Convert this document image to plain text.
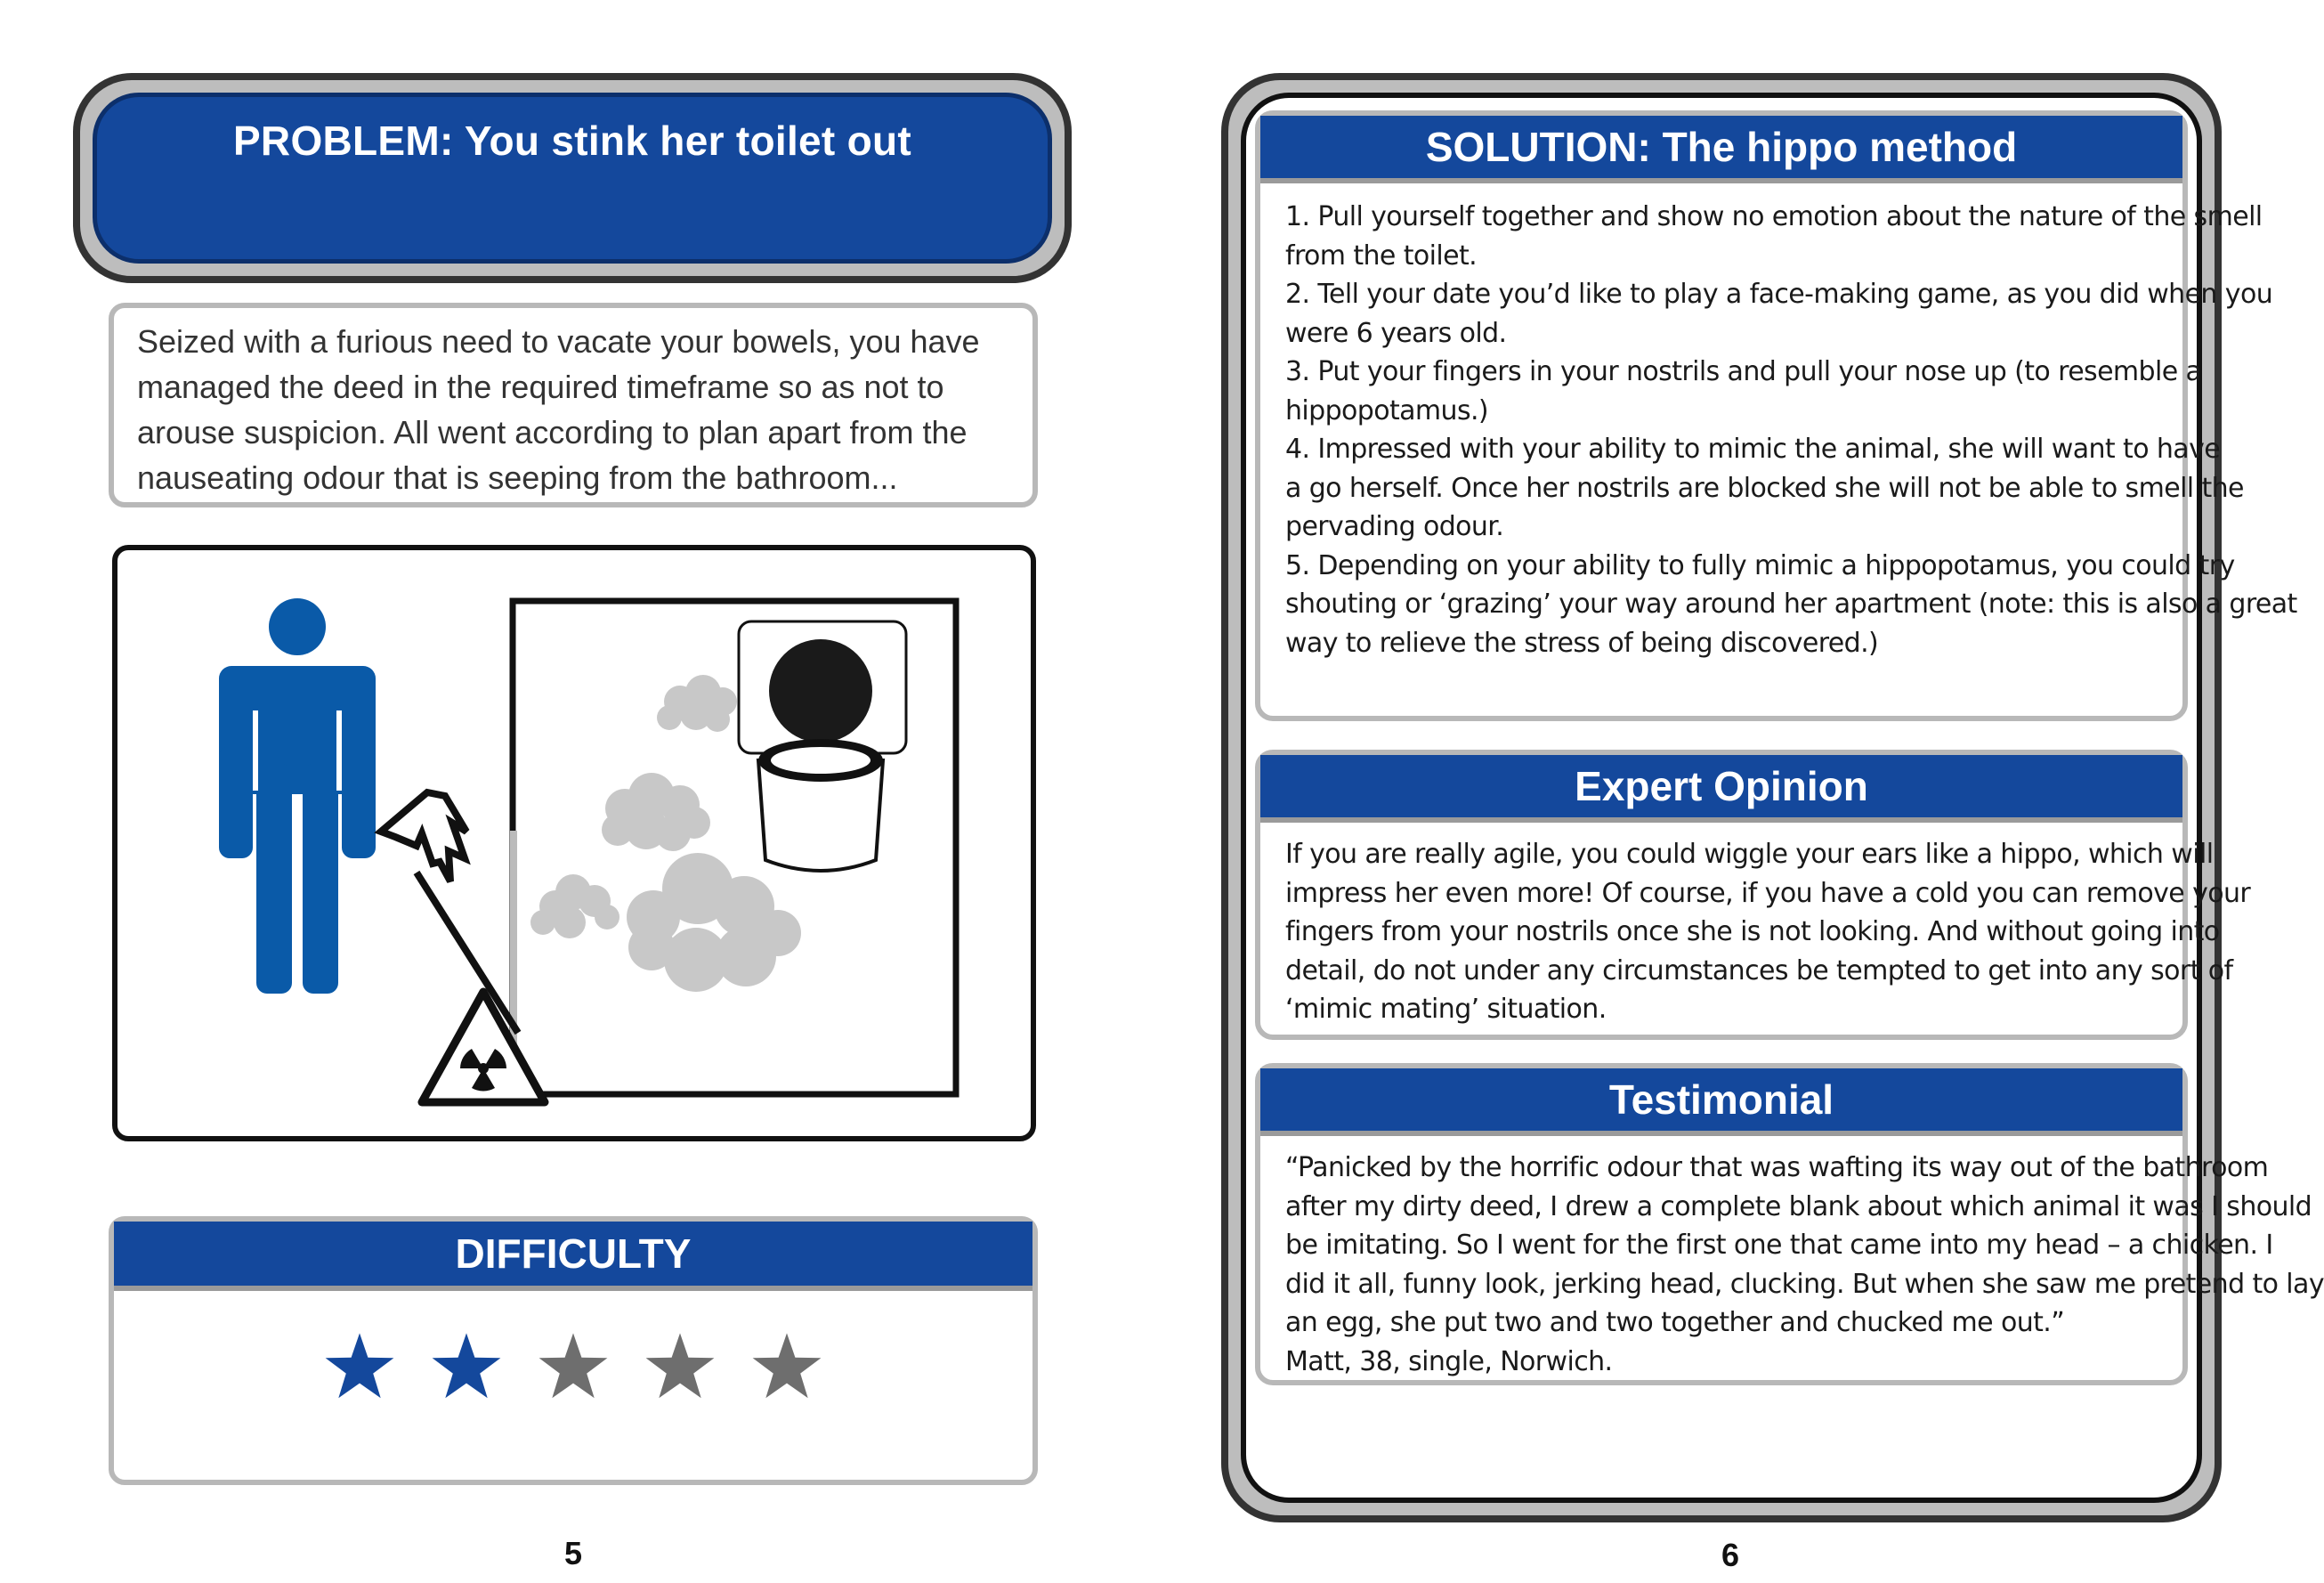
PROBLEM: You stink her toilet out
Seized with a furious need to vacate your bowels, you have
managed the deed in the required timeframe so as not to
arouse suspicion. All went according to plan apart from the
nauseating odour that is seeping from the bathroom...
DIFFICULTY
5
SOLUTION: The hippo method
1. Pull yourself together and show no emotion about the nature of the smell
from the toilet.
2. Tell your date you’d like to play a face-making game, as you did when you
were 6 years old.
3. Put your fingers in your nostrils and pull your nose up (to resemble a
hippopotamus.)
4. Impressed with your ability to mimic the animal, she will want to have
a go herself. Once her nostrils are blocked she will not be able to smell the
pervading odour.
5. Depending on your ability to fully mimic a hippopotamus, you could try
shouting or ‘grazing’ your way around her apartment (note: this is also a great
way to relieve the stress of being discovered.)
Expert Opinion
If you are really agile, you could wiggle your ears like a hippo, which will
impress her even more! Of course, if you have a cold you can remove your
fingers from your nostrils once she is not looking. And without going into
detail, do not under any circumstances be tempted to get into any sort of
‘mimic mating’ situation.
Testimonial
“Panicked by the horrific odour that was wafting its way out of the bathroom
after my dirty deed, I drew a complete blank about which animal it was I should
be imitating. So I went for the first one that came into my head – a chicken. I
did it all, funny look, jerking head, clucking. But when she saw me pretend to lay
an egg, she put two and two together and chucked me out.”
Matt, 38, single, Norwich.
6
